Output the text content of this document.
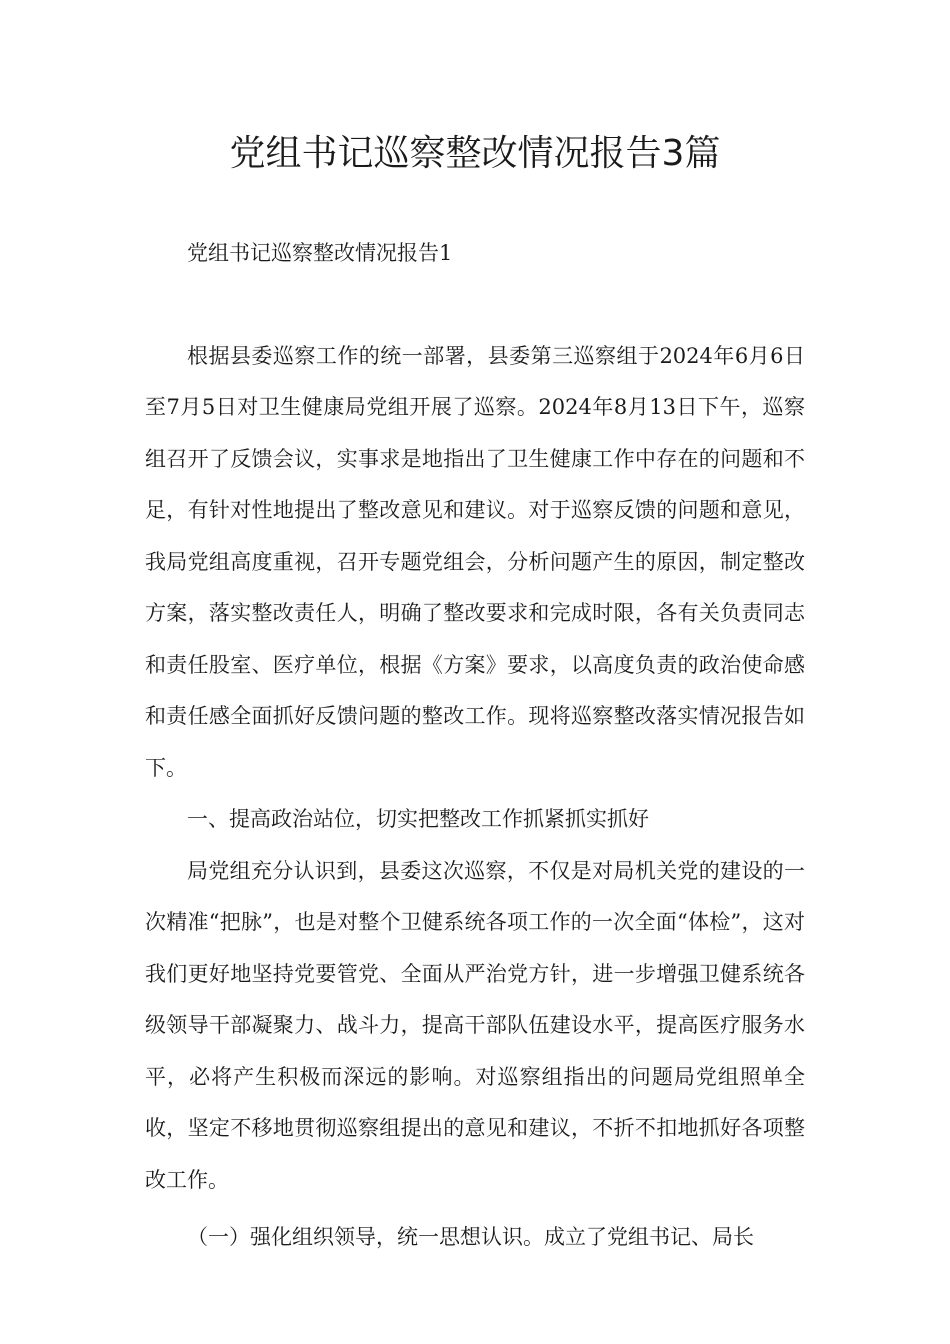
党组书记巡察整改情况报告3篇

党组书记巡察整改情况报告1

根据县委巡察工作的统一部署，县委第三巡察组于2024年6月6日至7月5日对卫生健康局党组开展了巡察。2024年8月13日下午，巡察组召开了反馈会议，实事求是地指出了卫生健康工作中存在的问题和不足，有针对性地提出了整改意见和建议。对于巡察反馈的问题和意见，我局党组高度重视，召开专题党组会，分析问题产生的原因，制定整改方案，落实整改责任人，明确了整改要求和完成时限，各有关负责同志和责任股室、医疗单位，根据《方案》要求，以高度负责的政治使命感和责任感全面抓好反馈问题的整改工作。现将巡察整改落实情况报告如下。

一、提高政治站位，切实把整改工作抓紧抓实抓好

局党组充分认识到，县委这次巡察，不仅是对局机关党的建设的一次精准“把脉”，也是对整个卫健系统各项工作的一次全面“体检”，这对我们更好地坚持党要管党、全面从严治党方针，进一步增强卫健系统各级领导干部凝聚力、战斗力，提高干部队伍建设水平，提高医疗服务水平，必将产生积极而深远的影响。对巡察组指出的问题局党组照单全收，坚定不移地贯彻巡察组提出的意见和建议，不折不扣地抓好各项整改工作。

（一）强化组织领导，统一思想认识。成立了党组书记、局长
